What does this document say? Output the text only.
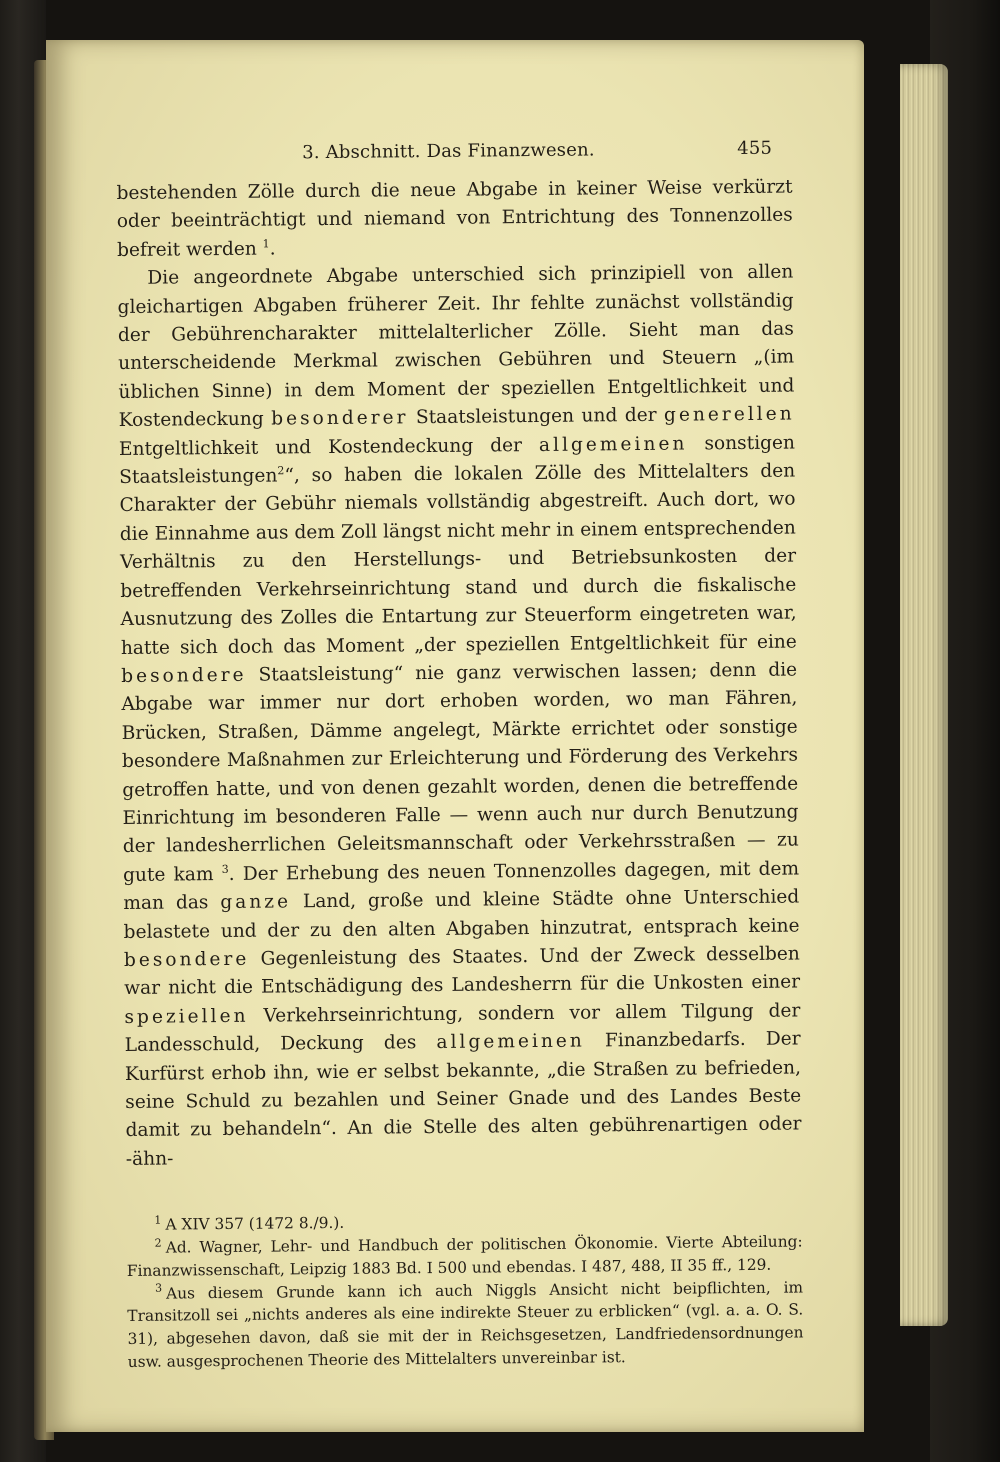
3. Abschnitt. Das Finanzwesen.	455

bestehenden Zölle durch die neue Abgabe in keiner Weise verkürzt oder beeinträchtigt und niemand von Entrichtung des Tonnenzolles befreit werden $^1$.

Die angeordnete Abgabe unterschied sich prinzipiell von allen gleichartigen Abgaben früherer Zeit. Ihr fehlte zunächst vollständig der Gebührencharakter mittelalterlicher Zölle. Sieht man das unterscheidende Merkmal zwischen Gebühren und Steuern „(im üblichen Sinne) in dem Moment der speziellen Entgeltlichkeit und Kostendeckung besonderer Staatsleistungen und der generellen Entgeltlichkeit und Kostendeckung der allgemeinen sonstigen Staatsleistungen$^2$“, so haben die lokalen Zölle des Mittelalters den Charakter der Gebühr niemals vollständig abgestreift. Auch dort, wo die Einnahme aus dem Zoll längst nicht mehr in einem entsprechenden Verhältnis zu den Herstellungs- und Betriebsunkosten der betreffenden Verkehrseinrichtung stand und durch die fiskalische Ausnutzung des Zolles die Entartung zur Steuerform eingetreten war, hatte sich doch das Moment „der speziellen Entgeltlichkeit für eine besondere Staatsleistung“ nie ganz verwischen lassen; denn die Abgabe war immer nur dort erhoben worden, wo man Fähren, Brücken, Straßen, Dämme angelegt, Märkte errichtet oder sonstige besondere Maßnahmen zur Erleichterung und Förderung des Verkehrs getroffen hatte, und von denen gezahlt worden, denen die betreffende Einrichtung im besonderen Falle — wenn auch nur durch Benutzung der landesherrlichen Geleitsmannschaft oder Verkehrsstraßen — zu gute kam $^3$. Der Erhebung des neuen Tonnenzolles dagegen, mit dem man das ganze Land, große und kleine Städte ohne Unterschied belastete und der zu den alten Abgaben hinzutrat, entsprach keine besondere Gegenleistung des Staates. Und der Zweck desselben war nicht die Entschädigung des Landesherrn für die Unkosten einer speziellen Verkehrseinrichtung, sondern vor allem Tilgung der Landesschuld, Deckung des allgemeinen Finanzbedarfs. Der Kurfürst erhob ihn, wie er selbst bekannte, „die Straßen zu befrieden, seine Schuld zu bezahlen und Seiner Gnade und des Landes Beste damit zu behandeln“. An die Stelle des alten gebührenartigen oder -ähn-

$^1$ A XIV 357 (1472 8./9.).

$^2$ Ad. Wagner, Lehr- und Handbuch der politischen Ökonomie. Vierte Abteilung: Finanzwissenschaft, Leipzig 1883 Bd. I 500 und ebendas. I 487, 488, II 35 ff., 129.

$^3$ Aus diesem Grunde kann ich auch Niggls Ansicht nicht beipflichten, im Transitzoll sei „nichts anderes als eine indirekte Steuer zu erblicken“ (vgl. a. a. O. S. 31), abgesehen davon, daß sie mit der in Reichsgesetzen, Landfriedensordnungen usw. ausgesprochenen Theorie des Mittelalters unvereinbar ist.
